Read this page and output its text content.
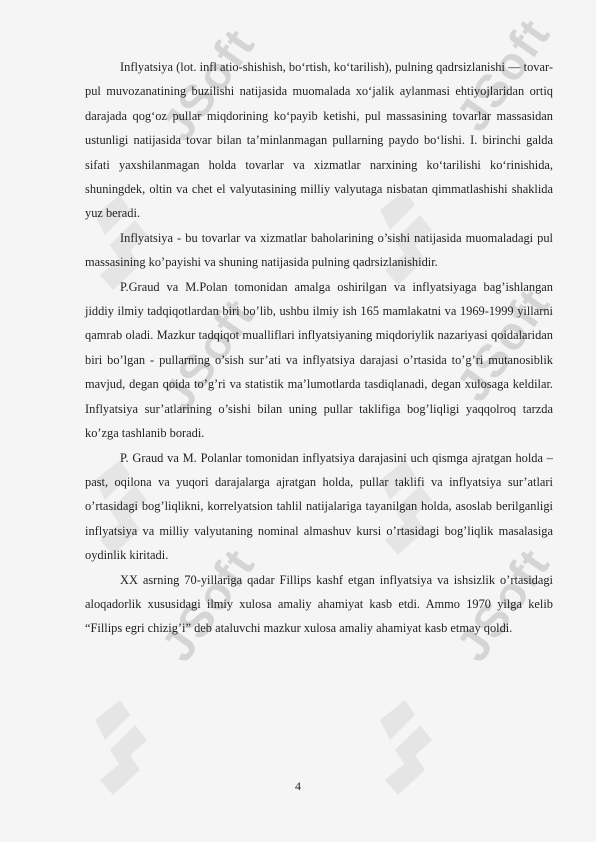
JSoft	JSoft
JSoft	JSoft
JSoft	JSoft

Inflyatsiya (lot. infl atio-shishish, bo‘rtish, ko‘tarilish), pulning qadrsizlanishi — tovar-pul muvozanatining buzilishi natijasida muomalada xo‘jalik aylanmasi ehtiyojlaridan ortiq darajada qog‘oz pullar miqdorining ko‘payib ketishi, pul massasining tovarlar massasidan ustunligi natijasida tovar bilan ta’minlanmagan pullarning paydo bo‘lishi. I. birinchi galda sifati yaxshilanmagan holda tovarlar va xizmatlar narxining ko‘tarilishi ko‘rinishida, shuningdek, oltin va chet el valyutasining milliy valyutaga nisbatan qimmatlashishi shaklida yuz beradi.

Inflyatsiya - bu tovarlar va xizmatlar baholarining o’sishi natijasida muomaladagi pul massasining ko’payishi va shuning natijasida pulning qadrsizlanishidir.

P.Graud va M.Polan tomonidan amalga oshirilgan va inflyatsiyaga bag’ishlangan jiddiy ilmiy tadqiqotlardan biri bo’lib, ushbu ilmiy ish 165 mamlakatni va 1969-1999 yillarni qamrab oladi. Mazkur tadqiqot mualliflari inflyatsiyaning miqdoriylik nazariyasi qoidalaridan biri bo’lgan - pullarning o’sish sur’ati va inflyatsiya darajasi o’rtasida to’g’ri mutanosiblik mavjud, degan qoida to’g’ri va statistik ma’lumotlarda tasdiqlanadi, degan xulosaga keldilar. Inflyatsiya sur’atlarining o’sishi bilan uning pullar taklifiga bog’liqligi yaqqolroq tarzda ko’zga tashlanib boradi.

P. Graud va M. Polanlar tomonidan inflyatsiya darajasini uch qismga ajratgan holda – past, oqilona va yuqori darajalarga ajratgan holda, pullar taklifi va inflyatsiya sur’atlari o’rtasidagi bog’liqlikni, korrelyatsion tahlil natijalariga tayanilgan holda, asoslab berilganligi inflyatsiya va milliy valyutaning nominal almashuv kursi o’rtasidagi bog’liqlik masalasiga oydinlik kiritadi.

XX asrning 70-yillariga qadar Fillips kashf etgan inflyatsiya va ishsizlik o’rtasidagi aloqadorlik xususidagi ilmiy xulosa amaliy ahamiyat kasb etdi. Ammo 1970 yilga kelib “Fillips egri chizig’i” deb ataluvchi mazkur xulosa amaliy ahamiyat kasb etmay qoldi.

4
